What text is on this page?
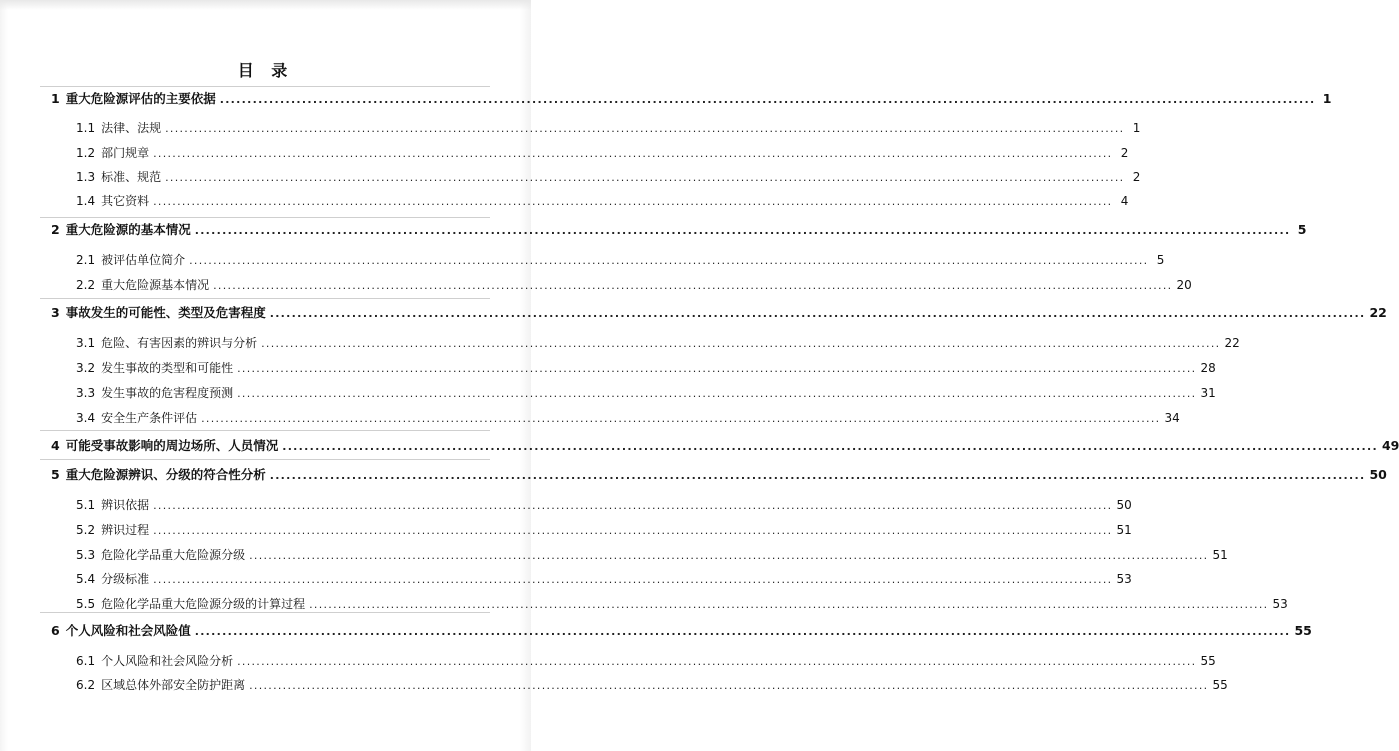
目 录
1 重大危险源评估的主要依据 ........................................................................................................................................................................................................ 1
1.1 法律、法规 ........................................................................................................................................................................................................ 1
1.2 部门规章 ........................................................................................................................................................................................................ 2
1.3 标准、规范 ........................................................................................................................................................................................................ 2
1.4 其它资料 ........................................................................................................................................................................................................ 4
2 重大危险源的基本情况 ........................................................................................................................................................................................................ 5
2.1 被评估单位简介 ........................................................................................................................................................................................................ 5
2.2 重大危险源基本情况 ........................................................................................................................................................................................................ 20
3 事故发生的可能性、类型及危害程度 ........................................................................................................................................................................................................ 22
3.1 危险、有害因素的辨识与分析 ........................................................................................................................................................................................................ 22
3.2 发生事故的类型和可能性 ........................................................................................................................................................................................................ 28
3.3 发生事故的危害程度预测 ........................................................................................................................................................................................................ 31
3.4 安全生产条件评估 ........................................................................................................................................................................................................ 34
4 可能受事故影响的周边场所、人员情况 ........................................................................................................................................................................................................ 49
5 重大危险源辨识、分级的符合性分析 ........................................................................................................................................................................................................ 50
5.1 辨识依据 ........................................................................................................................................................................................................ 50
5.2 辨识过程 ........................................................................................................................................................................................................ 51
5.3 危险化学品重大危险源分级 ........................................................................................................................................................................................................ 51
5.4 分级标准 ........................................................................................................................................................................................................ 53
5.5 危险化学品重大危险源分级的计算过程 ........................................................................................................................................................................................................ 53
6 个人风险和社会风险值 ........................................................................................................................................................................................................ 55
6.1 个人风险和社会风险分析 ........................................................................................................................................................................................................ 55
6.2 区域总体外部安全防护距离 ........................................................................................................................................................................................................ 55
